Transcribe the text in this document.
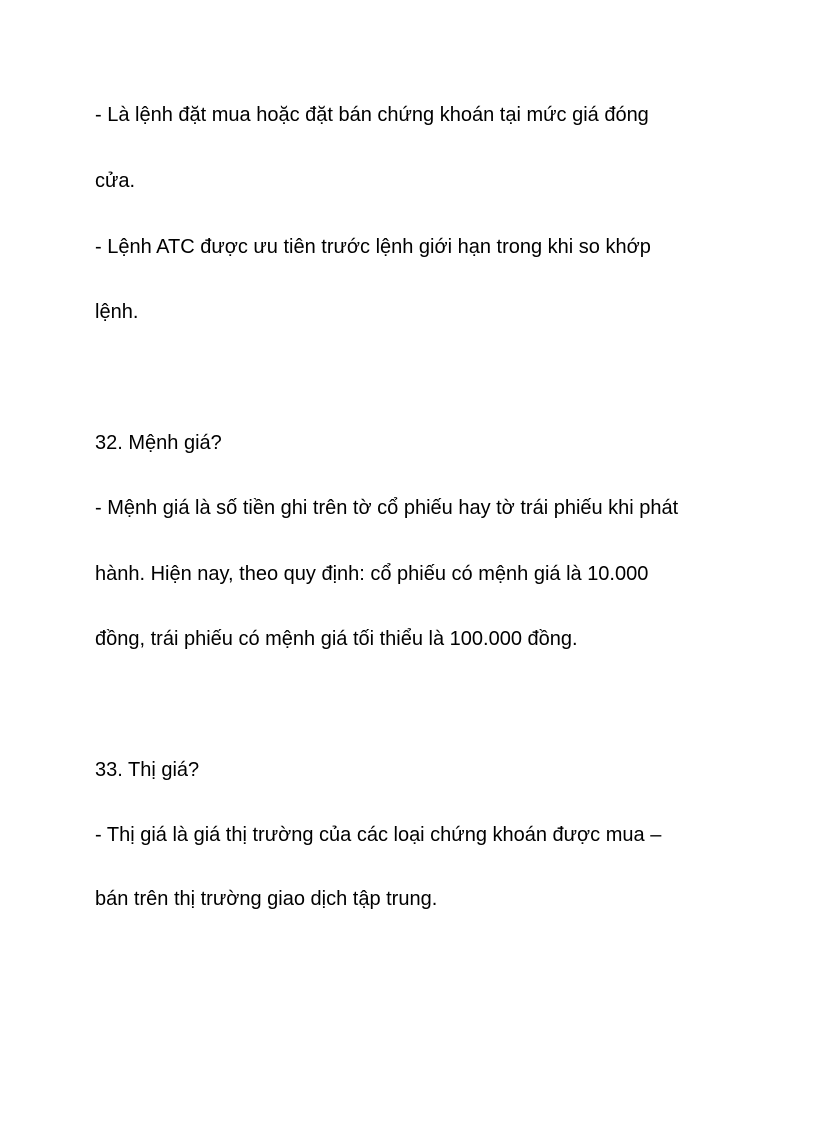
- Là lệnh đặt mua hoặc đặt bán chứng khoán tại mức giá đóng

cửa.

- Lệnh ATC được ưu tiên trước lệnh giới hạn trong khi so khớp

lệnh.

32. Mệnh giá?

- Mệnh giá là số tiền ghi trên tờ cổ phiếu hay tờ trái phiếu khi phát

hành. Hiện nay, theo quy định: cổ phiếu có mệnh giá là 10.000

đồng, trái phiếu có mệnh giá tối thiểu là 100.000 đồng.

33. Thị giá?

- Thị giá là giá thị trường của các loại chứng khoán được mua –

bán trên thị trường giao dịch tập trung.
